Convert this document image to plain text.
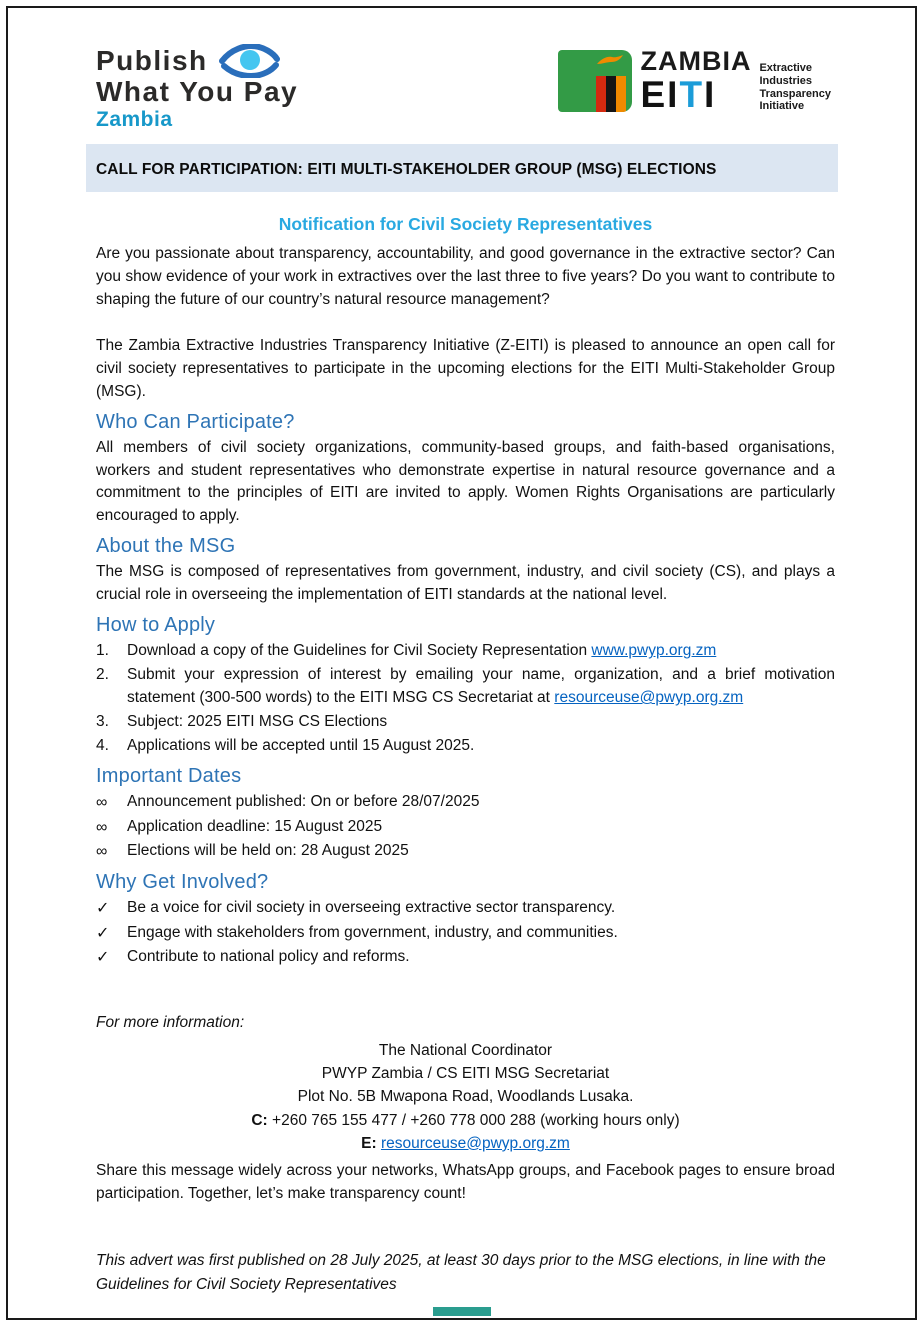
Publish
What You Pay
Zambia
ZAMBIA
EITI
Extractive
Industries
Transparency
Initiative
CALL FOR PARTICIPATION: EITI MULTI-STAKEHOLDER GROUP (MSG) ELECTIONS
Notification for Civil Society Representatives

Are you passionate about transparency, accountability, and good governance in the extractive sector? Can you show evidence of your work in extractives over the last three to five years? Do you want to contribute to shaping the future of our country’s natural resource management?

The Zambia Extractive Industries Transparency Initiative (Z-EITI) is pleased to announce an open call for civil society representatives to participate in the upcoming elections for the EITI Multi-Stakeholder Group (MSG).

Who Can Participate?

All members of civil society organizations, community-based groups, and faith-based organisations, workers and student representatives who demonstrate expertise in natural resource governance and a commitment to the principles of EITI are invited to apply. Women Rights Organisations are particularly encouraged to apply.

About the MSG

The MSG is composed of representatives from government, industry, and civil society (CS), and plays a crucial role in overseeing the implementation of EITI standards at the national level.

How to Apply
1.	Download a copy of the Guidelines for Civil Society Representation www.pwyp.org.zm
2.	Submit your expression of interest by emailing your name, organization, and a brief motivation statement (300-500 words) to the EITI MSG CS Secretariat at resourceuse@pwyp.org.zm
3.	Subject: 2025 EITI MSG CS Elections
4.	Applications will be accepted until 15 August 2025.
Important Dates
∞	Announcement published: On or before 28/07/2025
∞	Application deadline: 15 August 2025
∞	Elections will be held on: 28 August 2025
Why Get Involved?
✓	Be a voice for civil society in overseeing extractive sector transparency.
✓	Engage with stakeholders from government, industry, and communities.
✓	Contribute to national policy and reforms.
For more information:
The National Coordinator
PWYP Zambia / CS EITI MSG Secretariat
Plot No. 5B Mwapona Road, Woodlands Lusaka.
C: +260 765 155 477 / +260 778 000 288 (working hours only)
E: resourceuse@pwyp.org.zm

Share this message widely across your networks, WhatsApp groups, and Facebook pages to ensure broad participation. Together, let’s make transparency count!

This advert was first published on 28 July 2025, at least 30 days prior to the MSG elections, in line with the Guidelines for Civil Society Representatives
